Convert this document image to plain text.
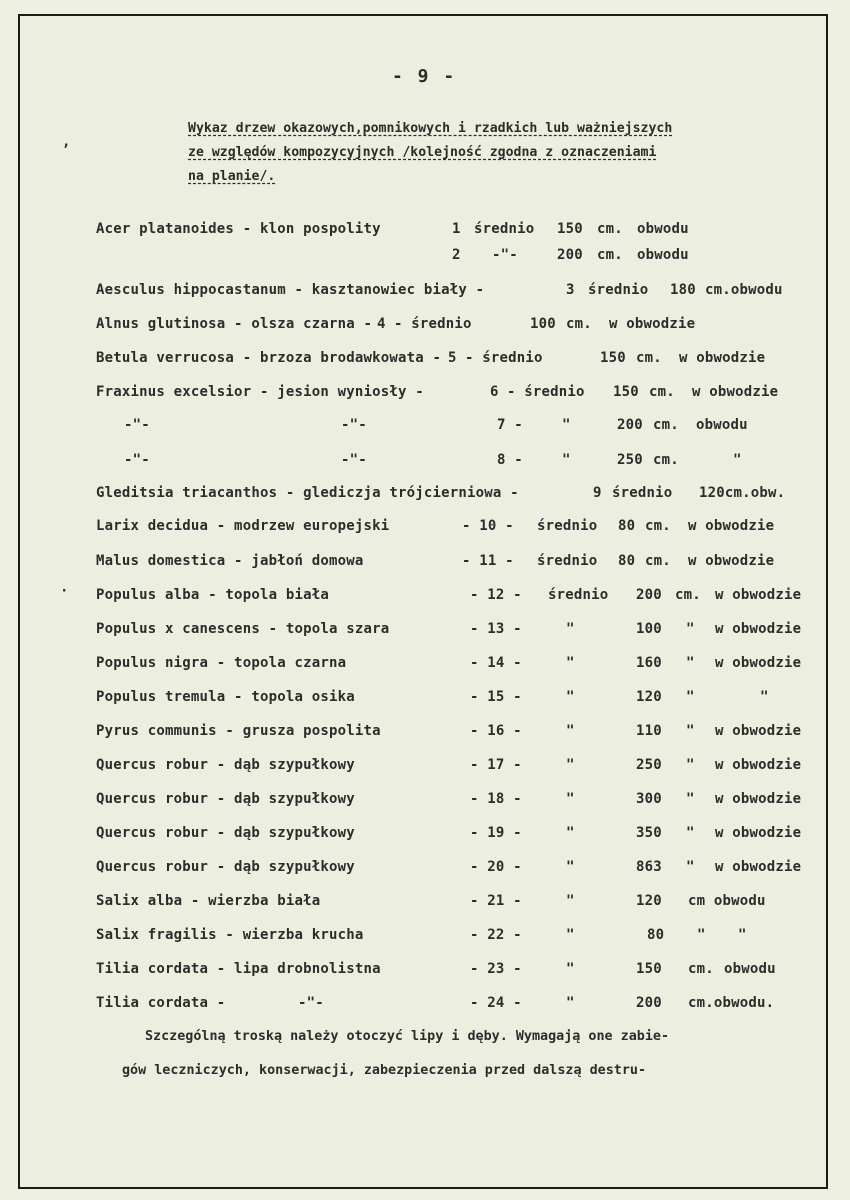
- 9 -
Wykaz drzew okazowych,pomnikowych i rzadkich lub ważniejszych
ze względów kompozycyjnych /kolejność zgodna z oznaczeniami
na planie/.
Acer platanoides - klon pospolity	1 średnio 150 cm. obwodu
2 -"-	200 cm. obwodu
Aesculus hippocastanum - kasztanowiec biały -	3 średnio 180 cm.obwodu
Alnus glutinosa - olsza czarna - 4 - średnio	100 cm. w obwodzie
Betula verrucosa - brzoza brodawkowata - 5 - średnio	150 cm. w obwodzie
Fraxinus excelsior - jesion wyniosły -	6 - średnio 150 cm. w obwodzie
-"-	-"-	7 -	"	200 cm. obwodu
-"-	-"-	8 -	"	250 cm.	"
Gleditsia triacanthos - glediczja trójcierniowa -	9 średnio 120cm.obw.
Larix decidua - modrzew europejski	- 10 - średnio 80 cm. w obwodzie
Malus domestica - jabłoń domowa	- 11 - średnio 80 cm. w obwodzie
Populus alba - topola biała	- 12 - średnio 200 cm. w obwodzie
Populus x canescens - topola szara	- 13 -	"	100 " w obwodzie
Populus nigra - topola czarna	- 14 -	"	160 " w obwodzie
Populus tremula - topola osika	- 15 -	"	120 "	"
Pyrus communis - grusza pospolita	- 16 -	"	110 " w obwodzie
Quercus robur - dąb szypułkowy	- 17 -	"	250 " w obwodzie
Quercus robur - dąb szypułkowy	- 18 -	"	300 " w obwodzie
Quercus robur - dąb szypułkowy	- 19 -	"	350 " w obwodzie
Quercus robur - dąb szypułkowy	- 20 -	"	863 " w obwodzie
Salix alba - wierzba biała	- 21 -	"	120 cm obwodu
Salix fragilis - wierzba krucha	- 22 -	"	80 " "
Tilia cordata - lipa drobnolistna	- 23 -	"	150 cm. obwodu
Tilia cordata -	-"-	- 24 -	"	200 cm.obwodu.
Szczególną troską należy otoczyć lipy i dęby. Wymagają one zabie-
gów leczniczych, konserwacji, zabezpieczenia przed dalszą destru-
,
·
